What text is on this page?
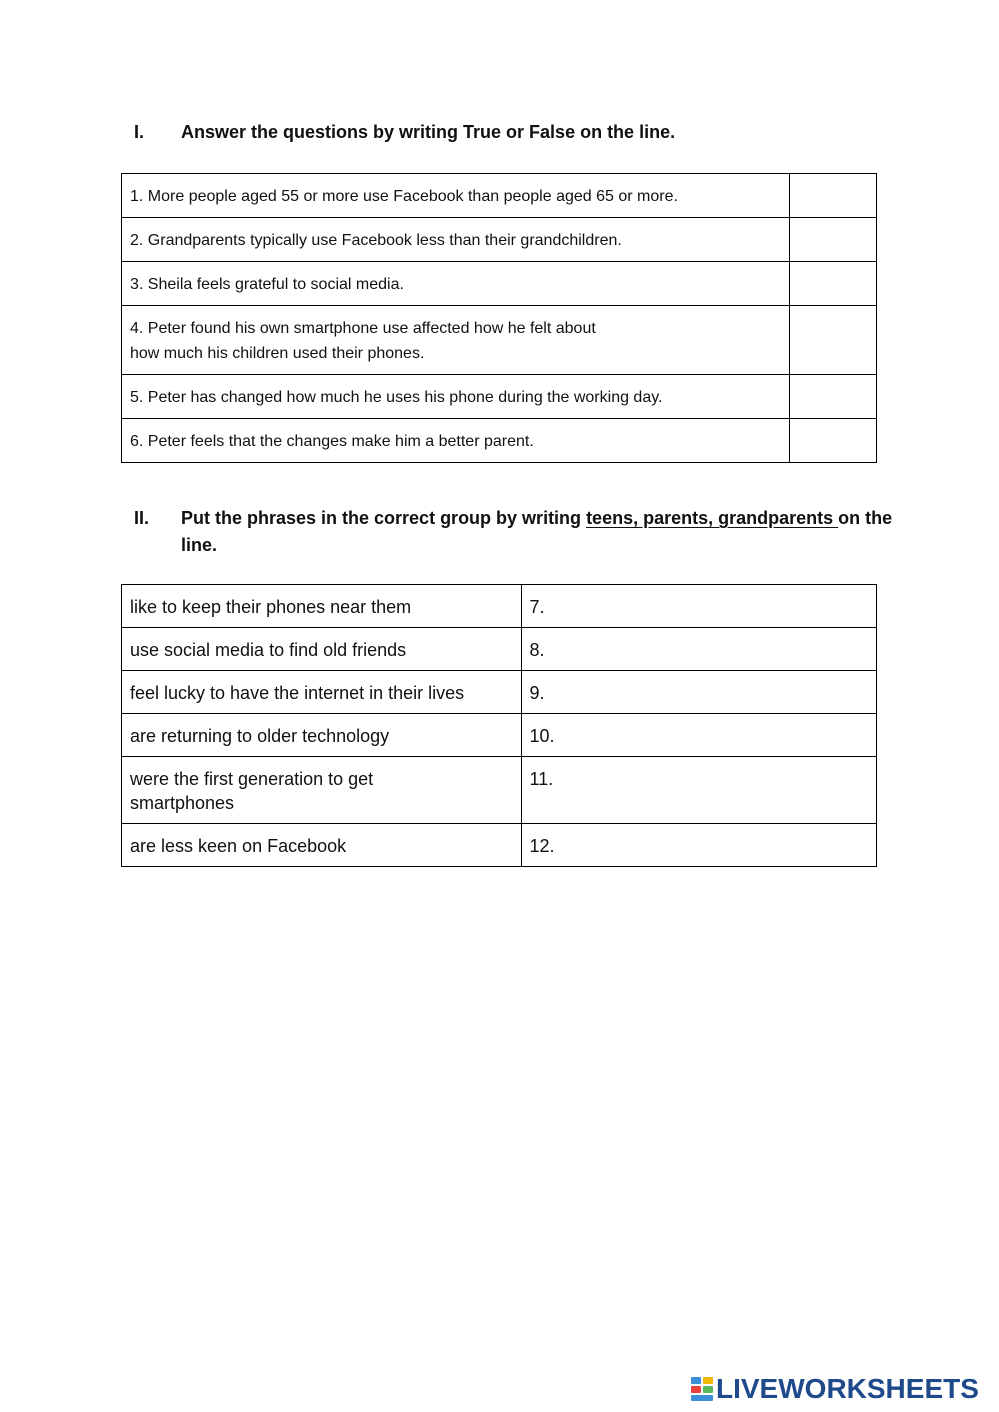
I.	Answer the questions by writing True or False on the line.
1. More people aged 55 or more use Facebook than people aged 65 or more.	
2. Grandparents typically use Facebook less than their grandchildren.	
3. Sheila feels grateful to social media.	
4. Peter found his own smartphone use affected how he felt about
how much his children used their phones.	
5. Peter has changed how much he uses his phone during the working day.	
6. Peter feels that the changes make him a better parent.	
II.	Put the phrases in the correct group by writing teens, parents, grandparents on the line.
like to keep their phones near them	7.
use social media to find old friends	8.
feel lucky to have the internet in their lives	9.
are returning to older technology	10.
were the first generation to get
smartphones	11.
are less keen on Facebook	12.
LIVEWORKSHEETS
